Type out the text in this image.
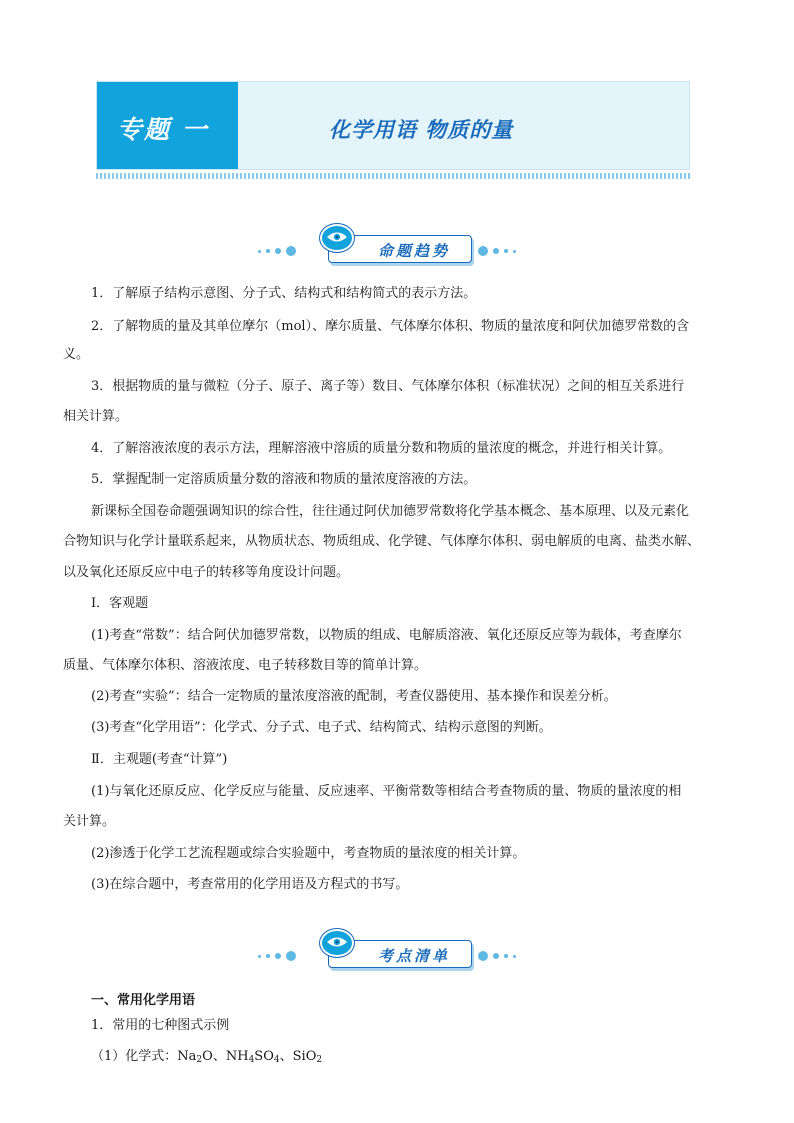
专题 一	化学用语 物质的量
命题趋势
1．了解原子结构示意图、分子式、结构式和结构简式的表示方法。
2．了解物质的量及其单位摩尔（mol）、摩尔质量、气体摩尔体积、物质的量浓度和阿伏加德罗常数的含
义。
3．根据物质的量与微粒（分子、原子、离子等）数目、气体摩尔体积（标准状况）之间的相互关系进行
相关计算。
4．了解溶液浓度的表示方法，理解溶液中溶质的质量分数和物质的量浓度的概念，并进行相关计算。
5．掌握配制一定溶质质量分数的溶液和物质的量浓度溶液的方法。
新课标全国卷命题强调知识的综合性，往往通过阿伏加德罗常数将化学基本概念、基本原理、以及元素化
合物知识与化学计量联系起来，从物质状态、物质组成、化学键、气体摩尔体积、弱电解质的电离、盐类水解、
以及氧化还原反应中电子的转移等角度设计问题。
Ⅰ．客观题
(1)考查“常数”：结合阿伏加德罗常数，以物质的组成、电解质溶液、氧化还原反应等为载体，考查摩尔
质量、气体摩尔体积、溶液浓度、电子转移数目等的简单计算。
(2)考查“实验”：结合一定物质的量浓度溶液的配制，考查仪器使用、基本操作和误差分析。
(3)考查“化学用语”：化学式、分子式、电子式、结构简式、结构示意图的判断。
Ⅱ．主观题(考查“计算”)
(1)与氧化还原反应、化学反应与能量、反应速率、平衡常数等相结合考查物质的量、物质的量浓度的相
关计算。
(2)渗透于化学工艺流程题或综合实验题中，考查物质的量浓度的相关计算。
(3)在综合题中，考查常用的化学用语及方程式的书写。
考点清单
一、常用化学用语
1．常用的七种图式示例
（1）化学式：$Na_2O$、$NH_4SO_4$、SiO$_2$
